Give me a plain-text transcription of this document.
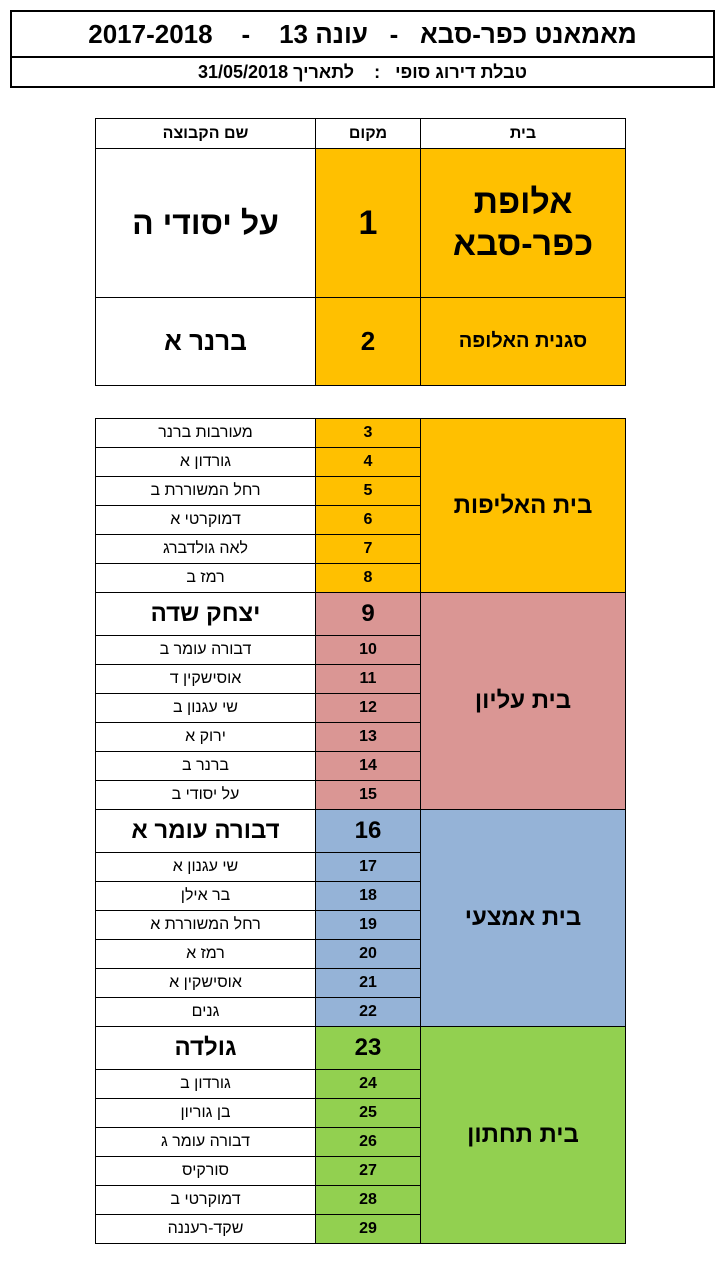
מאמאנט כפר-סבא   -   עונה 13    -    2017-2018
טבלת דירוג סופי   :    לתאריך 31/05/2018
שם הקבוצה	מקום	בית
על יסודי ה	1	אלופת
כפר-סבא

ברנר א	2	סגנית האלופה
מעורבות ברנר	3	בית האליפות
גורדון א	4	
רחל המשוררת ב	5	
דמוקרטי א	6	
לאה גולדברג	7	
רמז ב	8	
יצחק שדה	9	בית עליון
דבורה עומר ב	10	
אוסישקין ד	11	
שי עגנון ב	12	
ירוק א	13	
ברנר ב	14	
על יסודי ב	15	
דבורה עומר א	16	בית אמצעי
שי עגנון א	17	
בר אילן	18	
רחל המשוררת א	19	
רמז א	20	
אוסישקין א	21	
גנים	22	
גולדה	23	בית תחתון
גורדון ב	24	
בן גוריון	25	
דבורה עומר ג	26	
סורקיס	27	
דמוקרטי ב	28	
שקד-רעננה	29	
